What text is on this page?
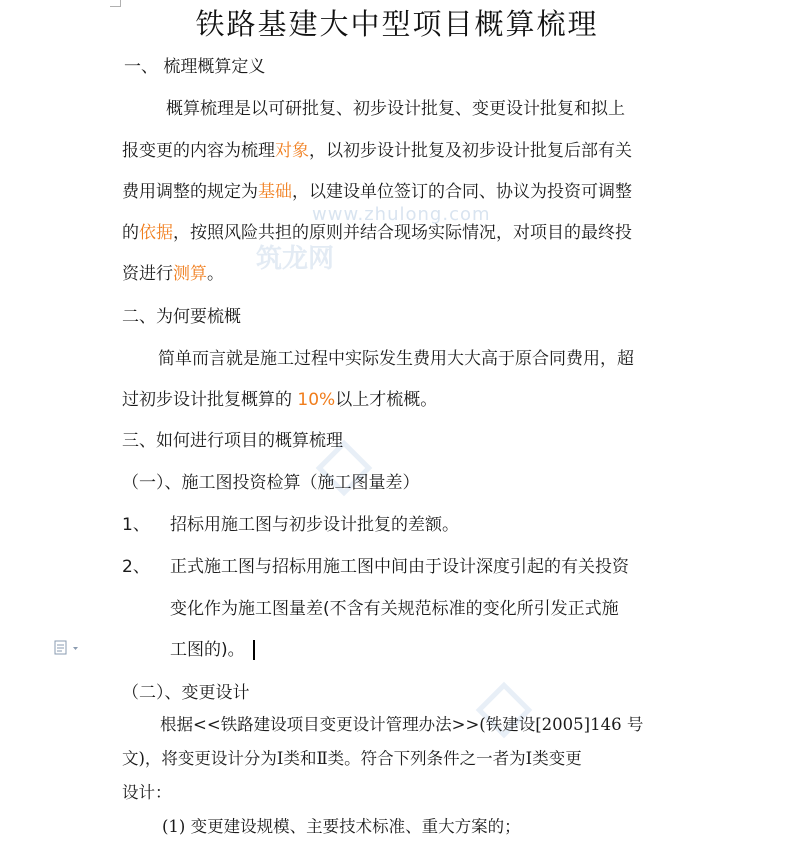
www.zhulong.com
筑龙网
铁路基建大中型项目概算梳理
一、 梳理概算定义
概算梳理是以可研批复、初步设计批复、变更设计批复和拟上
报变更的内容为梳理对象，以初步设计批复及初步设计批复后部有关
费用调整的规定为基础，以建设单位签订的合同、协议为投资可调整
的依据，按照风险共担的原则并结合现场实际情况，对项目的最终投
资进行测算。
二、为何要梳概
简单而言就是施工过程中实际发生费用大大高于原合同费用，超
过初步设计批复概算的 10%以上才梳概。
三、如何进行项目的概算梳理
（一）、施工图投资检算（施工图量差）
1、 招标用施工图与初步设计批复的差额。
2、 正式施工图与招标用施工图中间由于设计深度引起的有关投资
变化作为施工图量差(不含有关规范标准的变化所引发正式施
工图的)。
（二）、变更设计
根据<<铁路建设项目变更设计管理办法>>(铁建设[2005]146 号
文)，将变更设计分为Ⅰ类和Ⅱ类。符合下列条件之一者为Ⅰ类变更
设计：
(1) 变更建设规模、主要技术标准、重大方案的；
